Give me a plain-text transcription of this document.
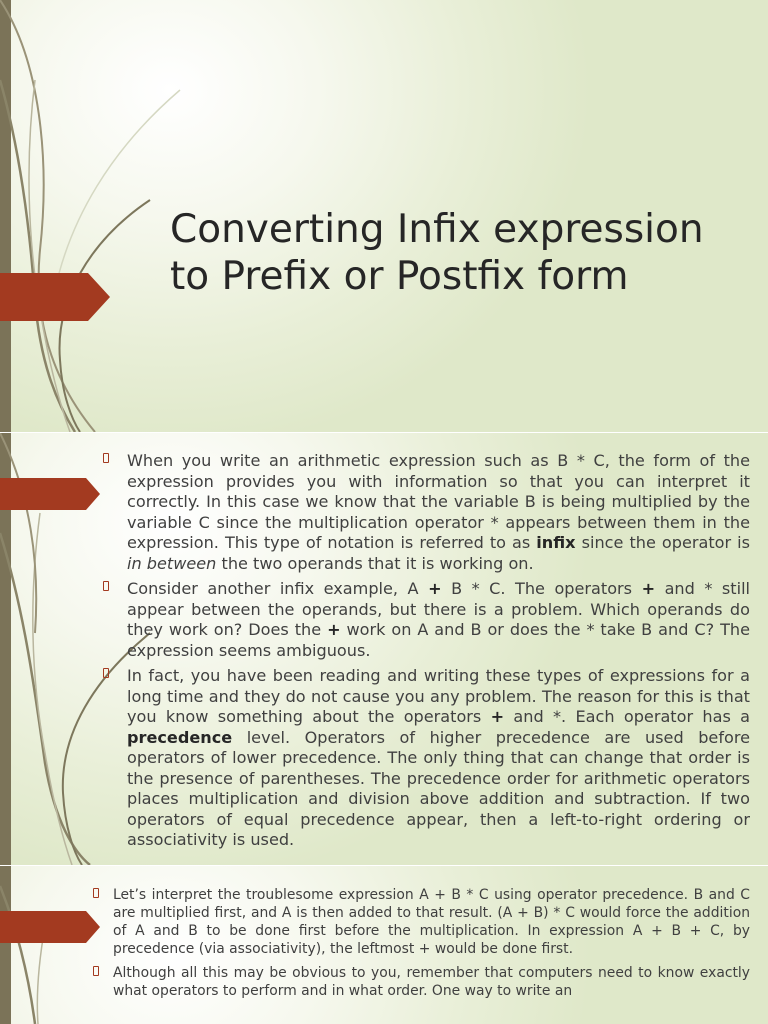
Converting Infix expression to Prefix or Postfix form
When you write an arithmetic expression such as B * C, the form of the expression provides you with information so that you can interpret it correctly. In this case we know that the variable B is being multiplied by the variable C since the multiplication operator * appears between them in the expression. This type of notation is referred to as infix since the operator is in between the two operands that it is working on.
Consider another infix example, A + B * C. The operators + and * still appear between the operands, but there is a problem. Which operands do they work on? Does the + work on A and B or does the * take B and C? The expression seems ambiguous.
In fact, you have been reading and writing these types of expressions for a long time and they do not cause you any problem. The reason for this is that you know something about the operators + and *. Each operator has a precedence level. Operators of higher precedence are used before operators of lower precedence. The only thing that can change that order is the presence of parentheses. The precedence order for arithmetic operators places multiplication and division above addition and subtraction. If two operators of equal precedence appear, then a left-to-right ordering or associativity is used.
Let’s interpret the troublesome expression A + B * C using operator precedence. B and C are multiplied first, and A is then added to that result. (A + B) * C would force the addition of A and B to be done first before the multiplication. In expression A + B + C, by precedence (via associativity), the leftmost + would be done first.
Although all this may be obvious to you, remember that computers need to know exactly what operators to perform and in what order. One way to write an
